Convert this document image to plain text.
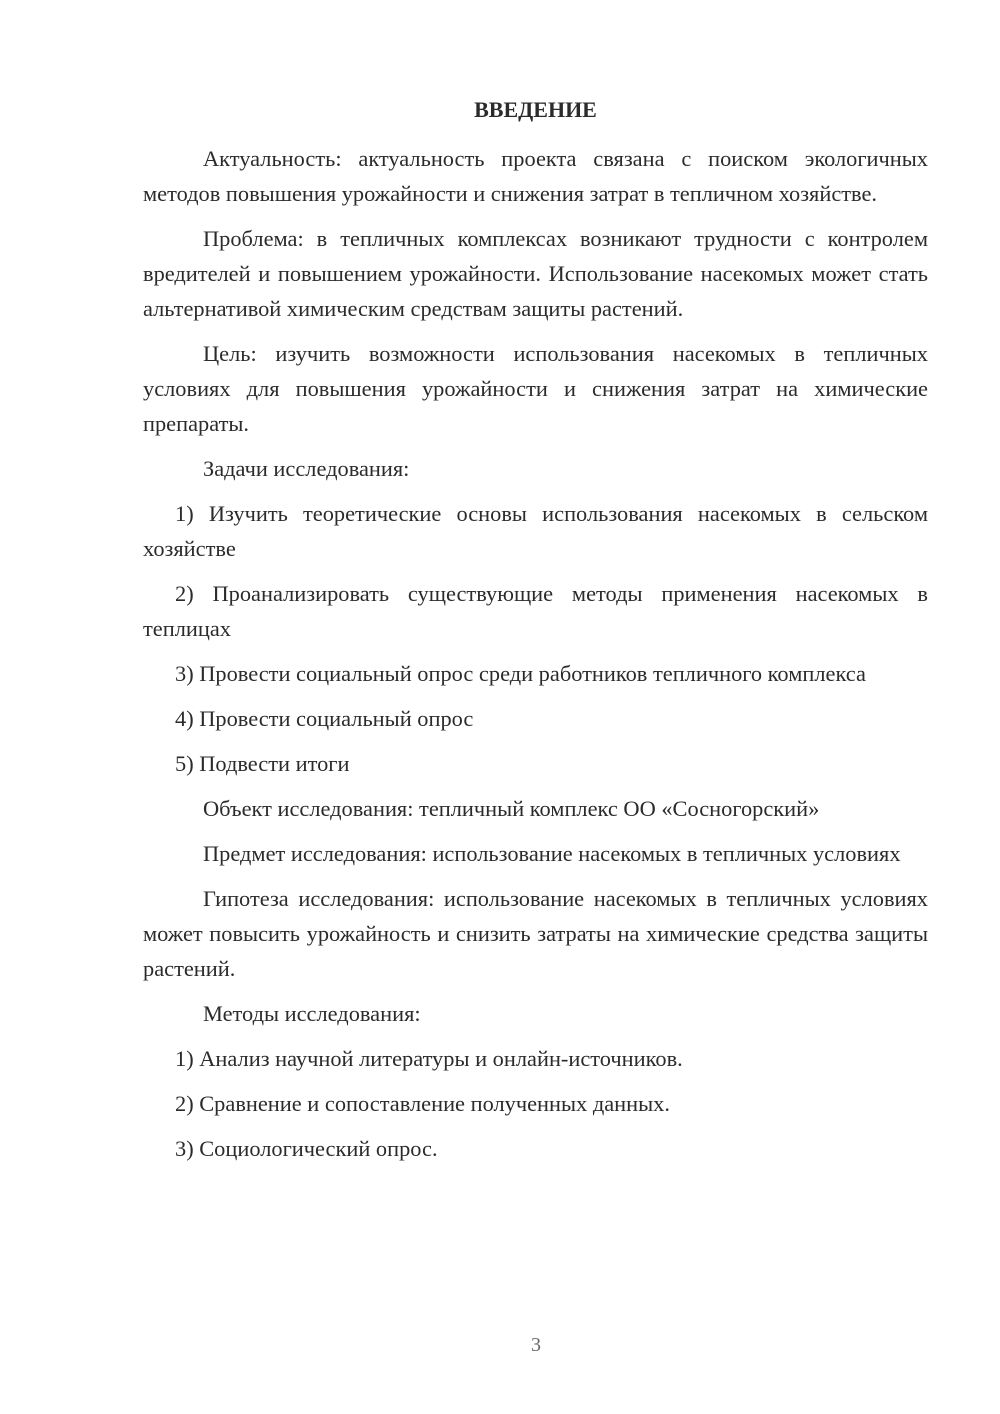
ВВЕДЕНИЕ

Актуальность: актуальность проекта связана с поиском экологичных методов повышения урожайности и снижения затрат в тепличном хозяйстве.

Проблема: в тепличных комплексах возникают трудности с контролем вредителей и повышением урожайности. Использование насекомых может стать альтернативой химическим средствам защиты растений.

Цель: изучить возможности использования насекомых в тепличных условиях для повышения урожайности и снижения затрат на химические препараты.

Задачи исследования:

1) Изучить теоретические основы использования насекомых в сельском хозяйстве

2) Проанализировать существующие методы применения насекомых в теплицах

3) Провести социальный опрос среди работников тепличного комплекса

4) Провести социальный опрос

5) Подвести итоги

Объект исследования: тепличный комплекс ОО «Сосногорский»

Предмет исследования: использование насекомых в тепличных условиях

Гипотеза исследования: использование насекомых в тепличных условиях может повысить урожайность и снизить затраты на химические средства защиты растений.

Методы исследования:

1) Анализ научной литературы и онлайн-источников.

2) Сравнение и сопоставление полученных данных.

3) Социологический опрос.

3
